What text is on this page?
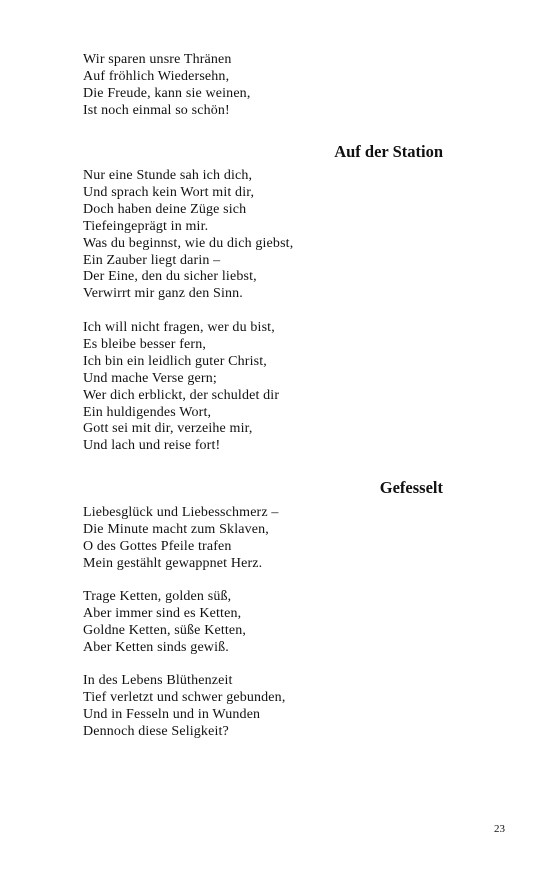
Wir sparen unsre Thränen
Auf fröhlich Wiedersehn,
Die Freude, kann sie weinen,
Ist noch einmal so schön!
Auf der Station
Nur eine Stunde sah ich dich,
Und sprach kein Wort mit dir,
Doch haben deine Züge sich
Tiefeingeprägt in mir.
Was du beginnst, wie du dich giebst,
Ein Zauber liegt darin –
Der Eine, den du sicher liebst,
Verwirrt mir ganz den Sinn.
Ich will nicht fragen, wer du bist,
Es bleibe besser fern,
Ich bin ein leidlich guter Christ,
Und mache Verse gern;
Wer dich erblickt, der schuldet dir
Ein huldigendes Wort,
Gott sei mit dir, verzeihe mir,
Und lach und reise fort!
Gefesselt
Liebesglück und Liebesschmerz –
Die Minute macht zum Sklaven,
O des Gottes Pfeile trafen
Mein gestählt gewappnet Herz.
Trage Ketten, golden süß,
Aber immer sind es Ketten,
Goldne Ketten, süße Ketten,
Aber Ketten sinds gewiß.
In des Lebens Blüthenzeit
Tief verletzt und schwer gebunden,
Und in Fesseln und in Wunden
Dennoch diese Seligkeit?
23
